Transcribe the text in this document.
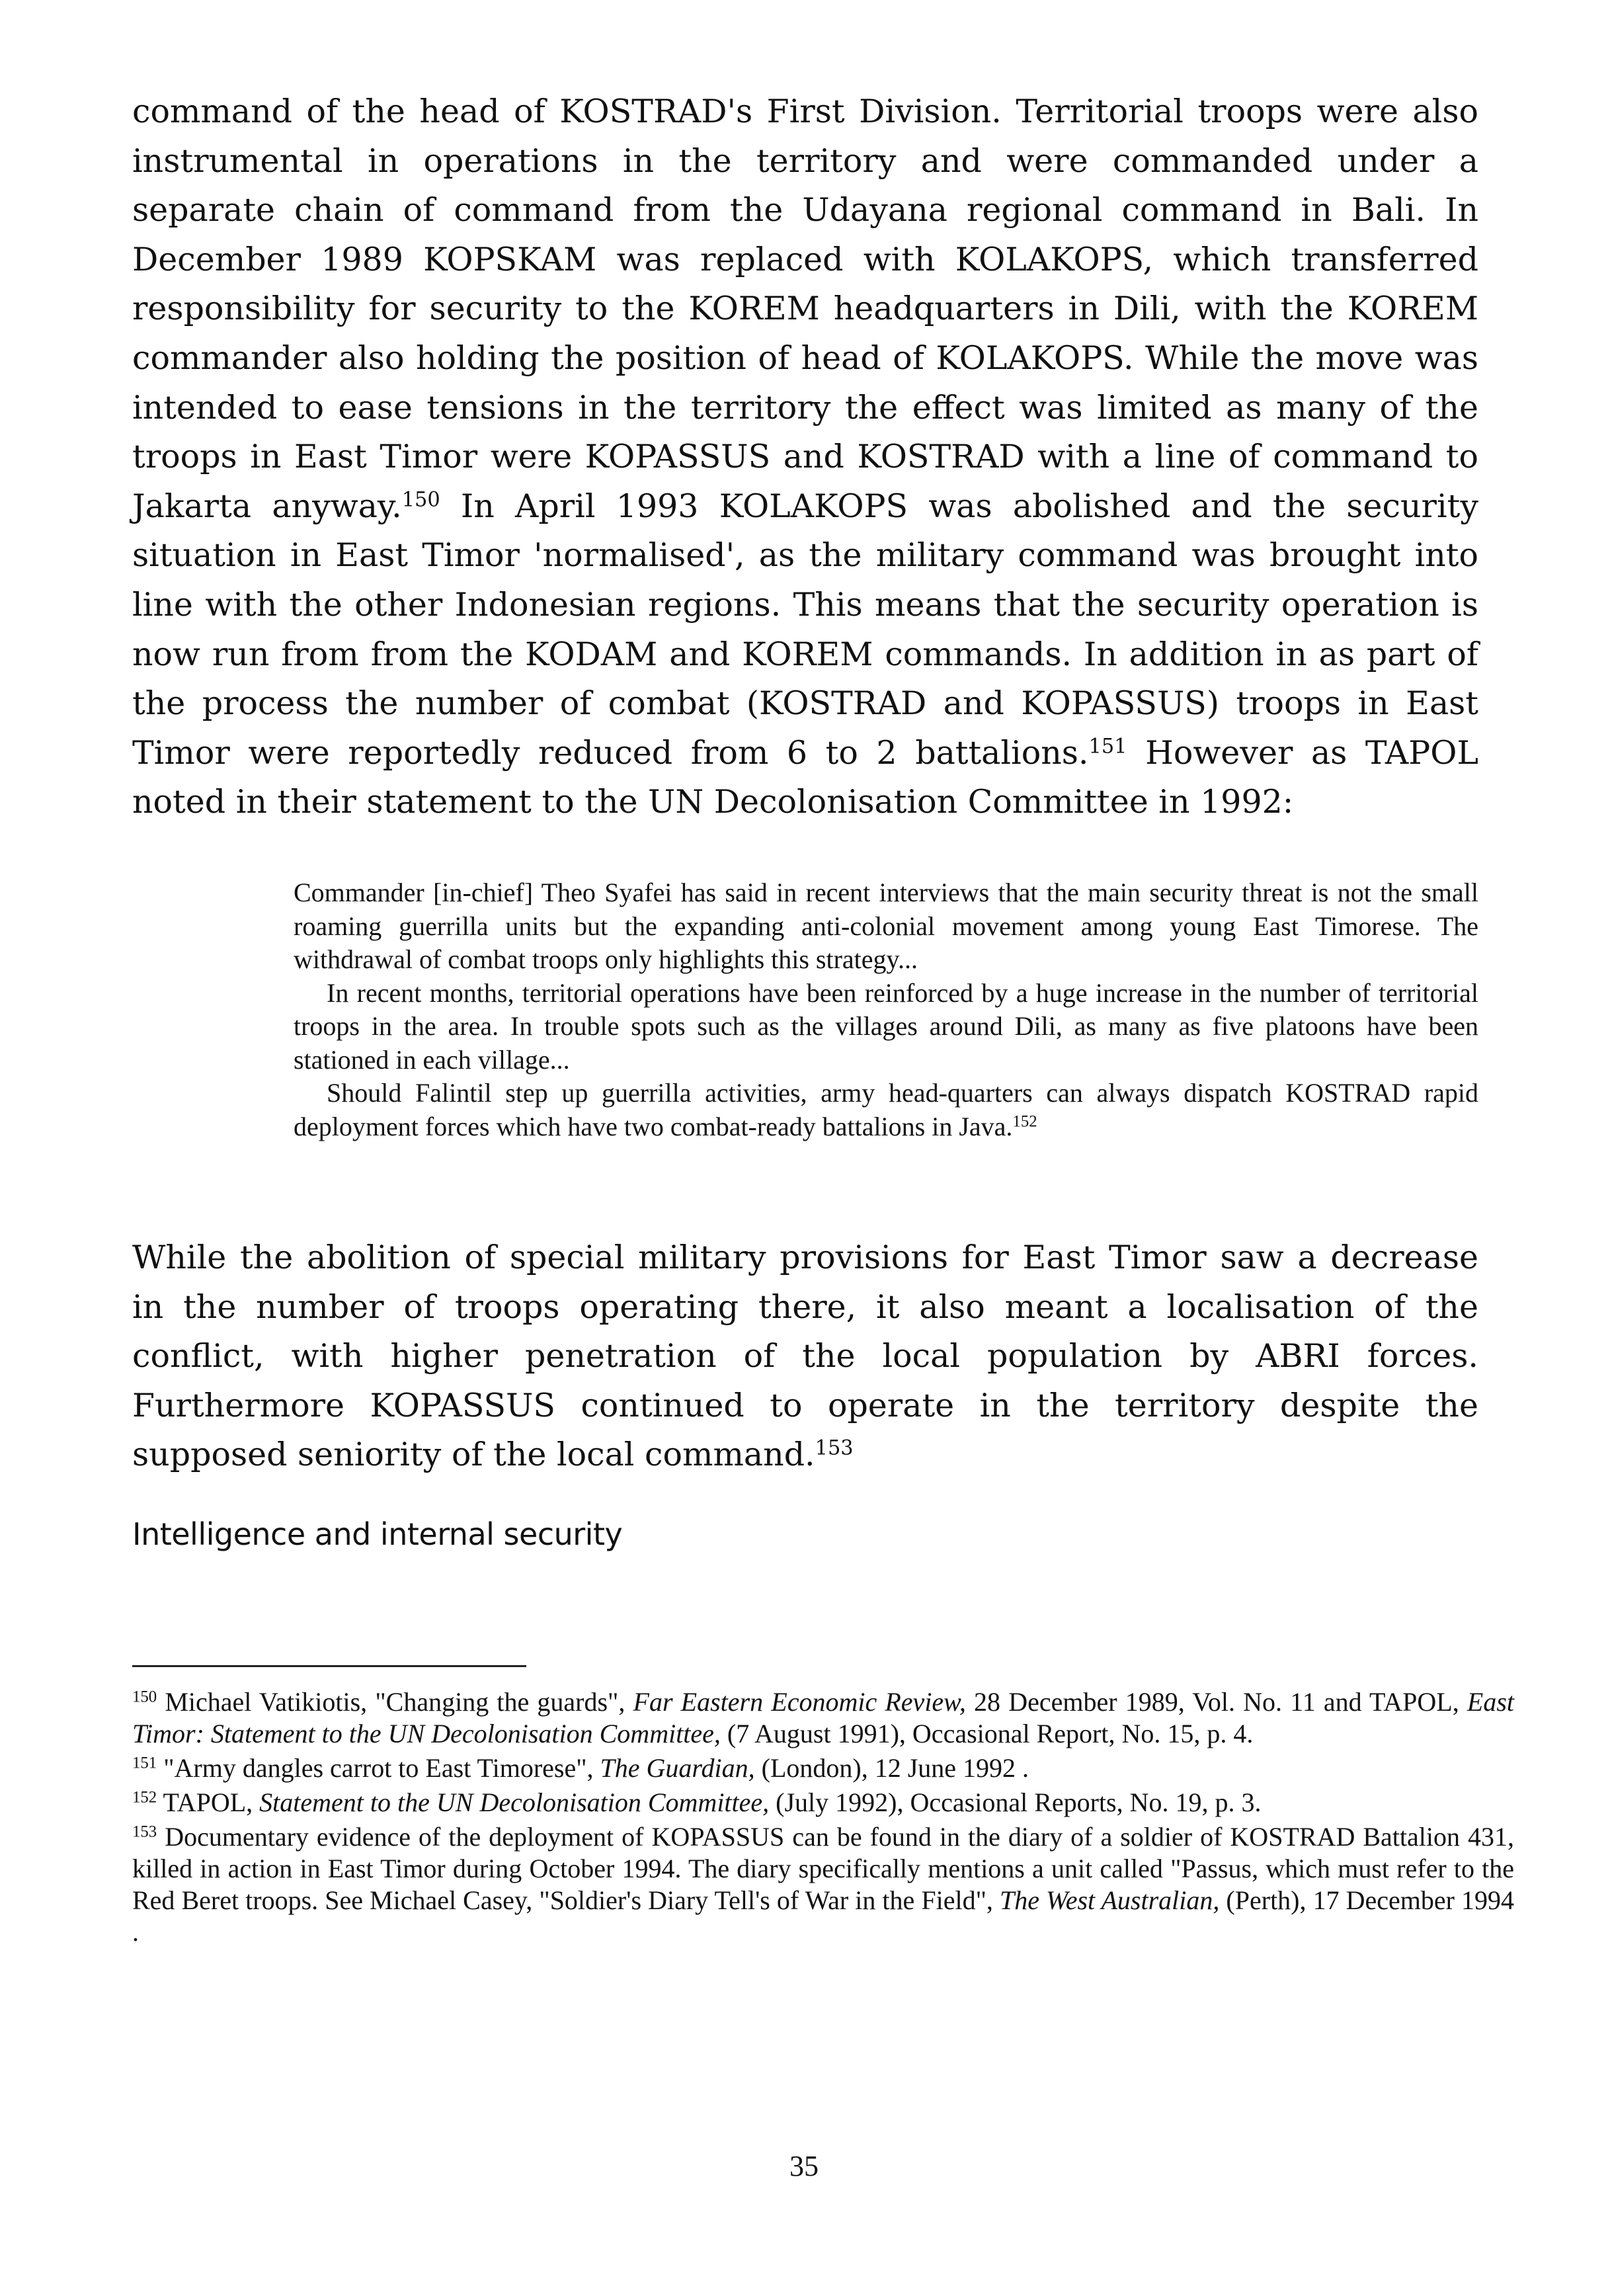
command of the head of KOSTRAD's First Division. Territorial troops were also instrumental in operations in the territory and were commanded under a separate chain of command from the Udayana regional command in Bali. In December 1989 KOPSKAM was replaced with KOLAKOPS, which transferred responsibility for security to the KOREM headquarters in Dili, with the KOREM commander also holding the position of head of KOLAKOPS. While the move was intended to ease tensions in the territory the effect was limited as many of the troops in East Timor were KOPASSUS and KOSTRAD with a line of command to Jakarta anyway.$^{150}$ In April 1993 KOLAKOPS was abolished and the security situation in East Timor 'normalised', as the military command was brought into line with the other Indonesian regions. This means that the security operation is now run from from the KODAM and KOREM commands. In addition in as part of the process the number of combat (KOSTRAD and KOPASSUS) troops in East Timor were reportedly reduced from 6 to 2 battalions.$^{151}$ However as TAPOL noted in their statement to the UN Decolonisation Committee in 1992:

Commander [in-chief] Theo Syafei has said in recent interviews that the main security threat is not the small roaming guerrilla units but the expanding anti-colonial movement among young East Timorese. The withdrawal of combat troops only highlights this strategy...

In recent months, territorial operations have been reinforced by a huge increase in the number of territorial troops in the area. In trouble spots such as the villages around Dili, as many as five platoons have been stationed in each village...

Should Falintil step up guerrilla activities, army head-quarters can always dispatch KOSTRAD rapid deployment forces which have two combat-ready battalions in Java.$^{152}$

While the abolition of special military provisions for East Timor saw a decrease in the number of troops operating there, it also meant a localisation of the conflict, with higher penetration of the local population by ABRI forces. Furthermore KOPASSUS continued to operate in the territory despite the supposed seniority of the local command.$^{153}$

Intelligence and internal security

$^{150}$ Michael Vatikiotis, "Changing the guards", Far Eastern Economic Review, 28 December 1989, Vol. No. 11 and TAPOL, East Timor: Statement to the UN Decolonisation Committee, (7 August 1991), Occasional Report, No. 15, p. 4.

$^{151}$ "Army dangles carrot to East Timorese", The Guardian, (London), 12 June 1992 .

$^{152}$ TAPOL, Statement to the UN Decolonisation Committee, (July 1992), Occasional Reports, No. 19, p. 3.

$^{153}$ Documentary evidence of the deployment of KOPASSUS can be found in the diary of a soldier of KOSTRAD Battalion 431, killed in action in East Timor during October 1994. The diary specifically mentions a unit called "Passus, which must refer to the Red Beret troops. See Michael Casey, "Soldier's Diary Tell's of War in the Field", The West Australian, (Perth), 17 December 1994 .

35
